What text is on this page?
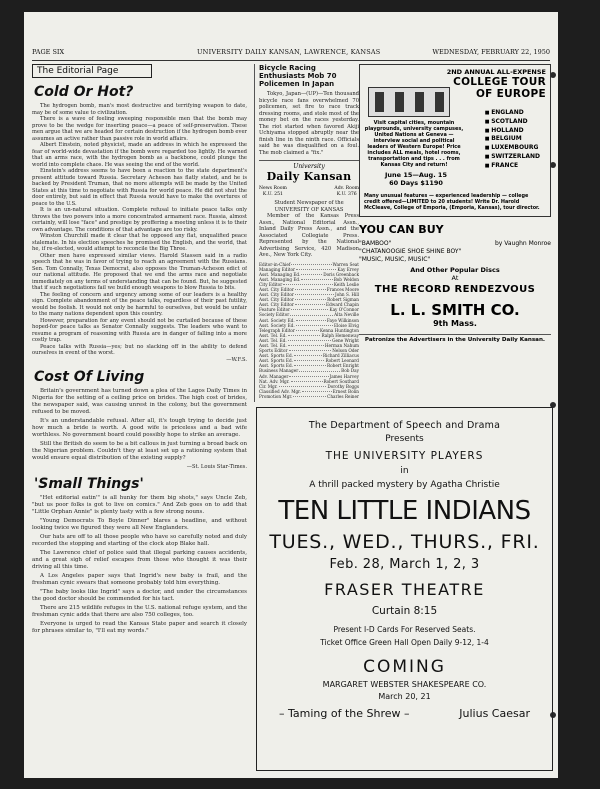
PAGE SIX	UNIVERSITY DAILY KANSAN, LAWRENCE, KANSAS	WEDNESDAY, FEBRUARY 22, 1950
The Editorial Page
Cold Or Hot?

The hydrogen bomb, man's most destructive and terrifying weapon to date, may be of some value to civilization.

There is a wave of feeling sweeping responsible men that the bomb may prove to be the wedge for inserting peace—a peace of self-preservation. These men argue that we are headed for certain destruction if the hydrogen bomb ever assumes an active rather than passive role in world affairs.

Albert Einstein, noted physicist, made an address in which he expressed the fear of world-wide devastation if the bomb were regarded too lightly. He warned that an arms race, with the hydrogen bomb as a backbone, could plunge the world into complete chaos. He was seeing the end of the world.

Einstein's address seems to have been a reaction to the state department's present attitude toward Russia. Secretary Acheson has flatly stated, and he is backed by President Truman, that no more attempts will be made by the United States at this time to negotiate with Russia for world peace. He did not shut the door entirely, but said in effect that Russia would have to make the overtures of peace to the U.S.

It is an un-natural situation. Complete refusal to initiate peace talks only throws the two powers into a more concentrated armament race. Russia, almost certainly, will lose "face" and prestige by proffering a meeting unless it is to their own advantage. The conditions of that advantage are too risky.

Winston Churchill made it clear that he opposed any flat, unqualified peace stalemate. In his election speeches he promised the English, and the world, that he, if re-elected, would attempt to reconcile the Big Three.

Other men have expressed similar views. Harold Stassen said in a radio speech that he was in favor of trying to reach an agreement with the Russians. Sen. Tom Connally, Texas Democrat, also opposes the Truman-Acheson edict of our national attitude. He proposed that we end the arms race and negotiate immediately on any terms of understanding that can be found. But, he suggested that if such negotiations fail we build enough weapons to blow Russia to bits.

The feeling of concern and urgency among some of our leaders is a healthy sign. Complete abandonment of the peace talks, regardless of their past futility, would be foolish. It would not only be harmful to ourselves, but would be unfair to the many nations dependent upon this country.

However, preparation for any event should not be curtailed because of these hoped-for peace talks as Senator Connally suggests. The leaders who want to resume a program of reasoning with Russia are in danger of falling into a more costly trap.

Peace talks with Russia—yes; but no slacking off in the ability to defend ourselves in event of the worst.

—W.F.S.

Cost Of Living

Britain's government has turned down a plea of the Lagos Daily Times in Nigeria for the setting of a ceiling price on brides. The high cost of brides, the newspaper said, was causing unrest in the colony, but the government refused to be moved.

It's an understandable refusal. After all, it's tough trying to decide just how much a bride is worth. A good wife is priceless and a bad wife worthless. No government board could possibly hope to strike an average.

Still the British do seem to be a bit callous in just turning a broad back on the Nigerian problem. Couldn't they at least set up a rationing system that would ensure equal distribution of the existing supply?

—St. Louis Star-Times.

'Small Things'

"Het editorial eatin'" is all hunky for them big shots," says Uncle Zeb, "but us poor folks is got to live on comics." And Zeb goes on to add that "Little Orphan Annie" is plenty tasty with a few strong nouns.

"Young Democrats To Boyle Dinner" blares a headline, and without looking twice we figured they were all New Englanders.

Our hats are off to all those people who have so carefully noted and duly recorded the stopping and starting of the clock atop Blake hall.

The Lawrence chief of police said that illegal parking causes accidents, and a great sigh of relief escapes from those who thought it was their driving all this time.

A Los Angeles paper says that Ingrid's new baby is frail, and the freshman cynic swears that someone probably told him everything.

"The baby looks like Ingrid" says a doctor, and under the circumstances the good doctor should be commended for his tact.

There are 215 wildlife refuges in the U.S. national refuge system, and the freshman cynic adds that there are also 750 colleges, too.

Everyone is urged to read the Kansas State paper and search it closely for phrases similar to, "I'll eat my words."

Bicycle Racing Enthusiasts Mob 70 Policemen In Japan

Tokyo, Japan—(UP)—Ten thousand bicycle race fans overwhelmed 70 policemen, set fire to race track dressing rooms, and stole most of the money bet on the races yesterday. The riot started when favored Akiji Uchiyama stopped abruptly near the finish line in the ninth race. Officials said he was disqualified on a foul. The mob claimed a "fix."

University

Daily Kansan

News Room
K.U. 251
Adv. Room
K.U. 376

Student Newspaper of the UNIVERSITY OF KANSAS

Member of the Kansas Press Assn., National Editorial Assn., Inland Daily Press Assn., and the Associated Collegiate Press. Represented by the National Advertising Service, 420 Madison Ave., New York City.

Editor-in-Chief	Warren Seat
Managing Editor	Kay Ervey
Asst. Managing Ed.	Doris Greenback
Asst. Managing Ed.	Bob Weldon
City Editor	Keith Leslie
Asst. City Editor	Frances Moore
Asst. City Editor	John S. Hill
Asst. City Editor	Robert Sigman
Asst. City Editor	Edward Chapin
Feature Editor	Kay O'Connor
Society Editor	Alta Neville
Asst. Society Ed.	Faye Wilkinson
Asst. Society Ed.	Eloise Elvig
Telegraph Editor	Kenna Huntington
Asst. Tel. Ed.	Ralph Hemenway
Asst. Tel. Ed.	Gene Wright
Asst. Tel. Ed.	Herman Nahum
Sports Editor	Nelson Oder
Asst. Sports Ed.	Richard Zilliacus
Asst. Sports Ed.	Robert Leonard
Asst. Sports Ed.	Robert Enright
Business Manager	Bob Day
Adv. Manager	James Harvey
Nat. Adv. Mgr.	Robert Southard
Cir. Mgr.	Dorothy Boggs
Classified Adv. Mgr.	Ernest Bolin
Promotion Mgr.	Charles Reiner

2ND ANNUAL ALL-EXPENSE

COLLEGE TOUR

OF EUROPE

Visit capital cities, mountain playgrounds, university campuses, United Nations at Geneva — interview social and political leaders of Western Europe! Price includes ALL meals, hotel rooms, transportation and tips . . . from Kansas City and return!
June 15—Aug. 15
60 Days $1190
■ ENGLAND
■ SCOTLAND
■ HOLLAND
■ BELGIUM
■ LUXEMBOURG
■ SWITZERLAND
■ FRANCE
Many unusual features — experienced leadership — college credit offered—LIMITED to 20 students! Write Dr. Harold McCleave, College of Emporia, (Emporia, Kansas), tour director.

YOU CAN BUY

"BAMBOO"	by Vaughn Monroe

"CHATANOOGIE SHOE SHINE BOY"

"MUSIC, MUSIC, MUSIC"

And Other Popular Discs

At

THE RECORD RENDEZVOUS

L. L. SMITH CO.

9th Mass.

Patronize the Advertisers in the University Daily Kansan.

The Department of Speech and Drama

Presents

THE UNIVERSITY PLAYERS

in

A thrill packed mystery by Agatha Christie

TEN LITTLE INDIANS

TUES., WED., THURS., FRI.

Feb. 28, March 1, 2, 3

FRASER THEATRE

Curtain 8:15

Present I-D Cards For Reserved Seats.

Ticket Office Green Hall Open Daily 9-12, 1-4

COMING

MARGARET WEBSTER SHAKESPEARE CO.

March 20, 21

– Taming of the Shrew –	Julius Caesar
